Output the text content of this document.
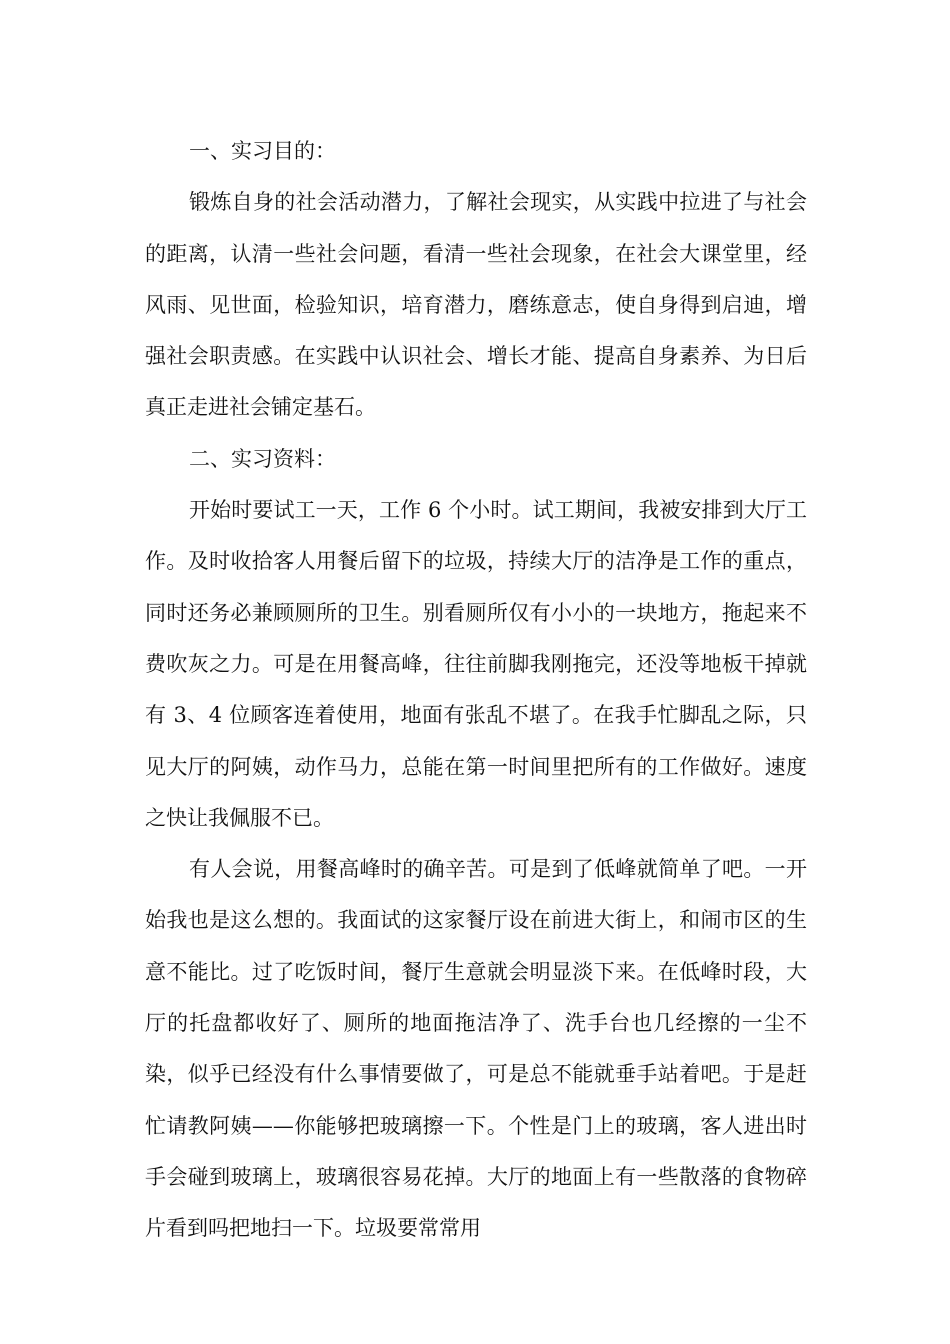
一、实习目的：

锻炼自身的社会活动潜力，了解社会现实，从实践中拉进了与社会的距离，认清一些社会问题，看清一些社会现象，在社会大课堂里，经风雨、见世面，检验知识，培育潜力，磨练意志，使自身得到启迪，增强社会职责感。在实践中认识社会、增长才能、提高自身素养、为日后真正走进社会铺定基石。

二、实习资料：

开始时要试工一天，工作 6 个小时。试工期间，我被安排到大厅工作。及时收拾客人用餐后留下的垃圾，持续大厅的洁净是工作的重点，同时还务必兼顾厕所的卫生。别看厕所仅有小小的一块地方，拖起来不费吹灰之力。可是在用餐高峰，往往前脚我刚拖完，还没等地板干掉就有 3、4 位顾客连着使用，地面有张乱不堪了。在我手忙脚乱之际，只见大厅的阿姨，动作马力，总能在第一时间里把所有的工作做好。速度之快让我佩服不已。

有人会说，用餐高峰时的确辛苦。可是到了低峰就简单了吧。一开始我也是这么想的。我面试的这家餐厅设在前进大街上，和闹市区的生意不能比。过了吃饭时间，餐厅生意就会明显淡下来。在低峰时段，大厅的托盘都收好了、厕所的地面拖洁净了、洗手台也几经擦的一尘不染，似乎已经没有什么事情要做了，可是总不能就垂手站着吧。于是赶忙请教阿姨——你能够把玻璃擦一下。个性是门上的玻璃，客人进出时手会碰到玻璃上，玻璃很容易花掉。大厅的地面上有一些散落的食物碎片看到吗把地扫一下。垃圾要常常用
